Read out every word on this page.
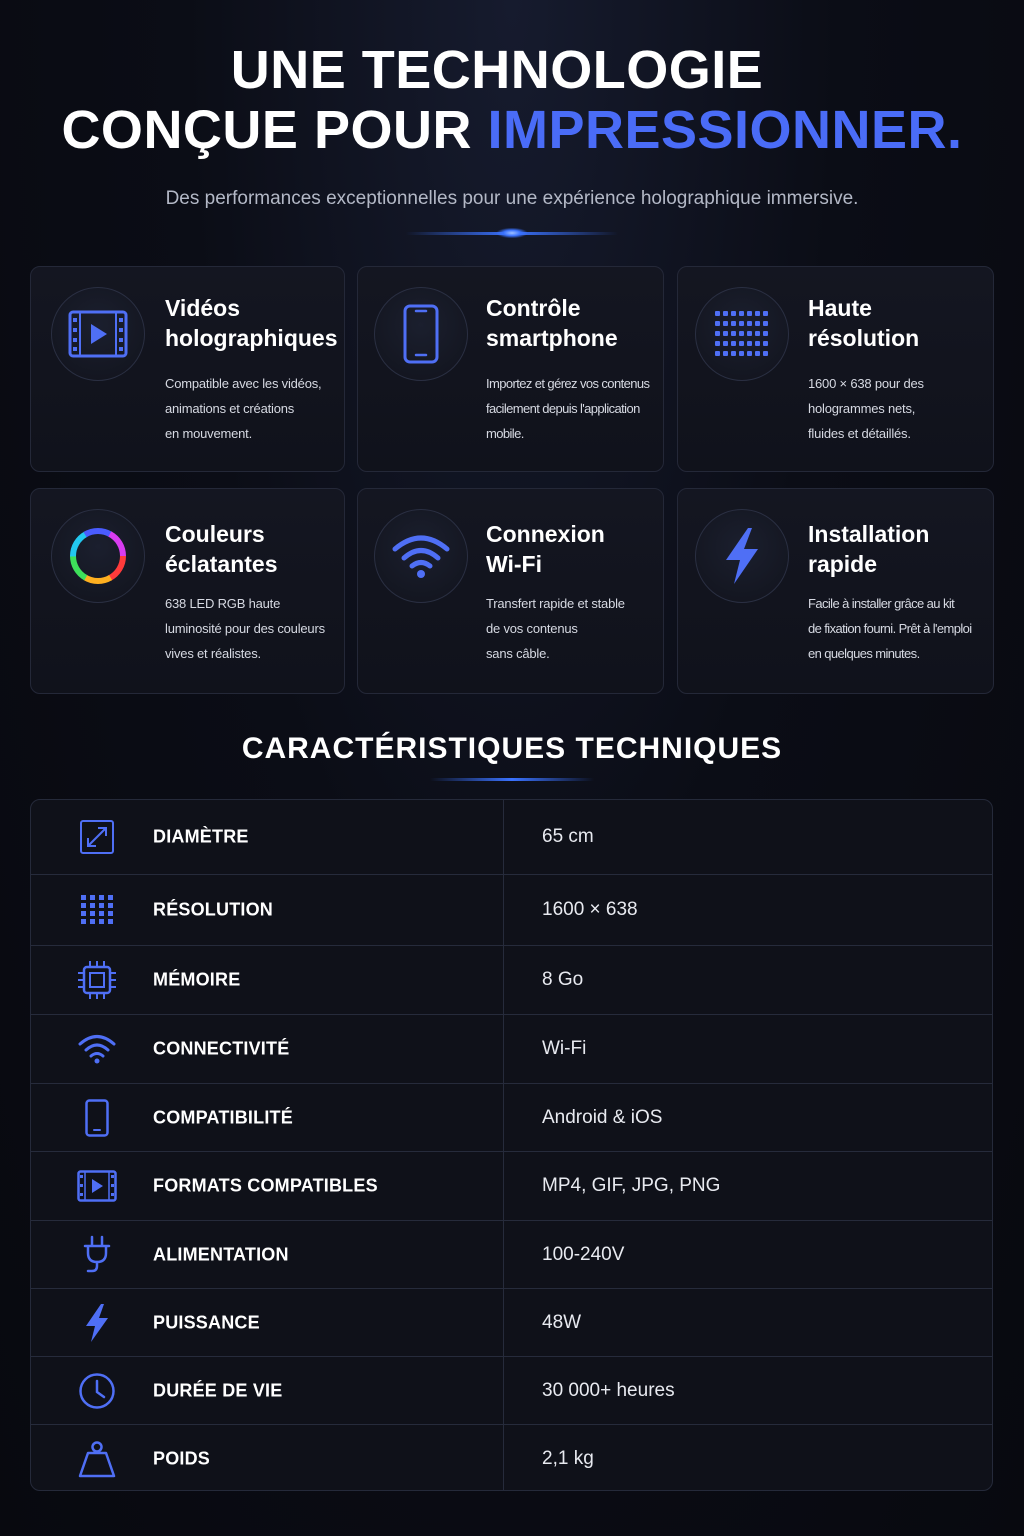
UNE TECHNOLOGIE
CONÇUE POUR IMPRESSIONNER.
Des performances exceptionnelles pour une expérience holographique immersive.
Vidéos
holographiques
Compatible avec les vidéos,
animations et créations
en mouvement.
Contrôle
smartphone
Importez et gérez vos contenus
facilement depuis l'application
mobile.
Haute
résolution
1600 × 638 pour des
hologrammes nets,
fluides et détaillés.
Couleurs
éclatantes
638 LED RGB haute
luminosité pour des couleurs
vives et réalistes.
Connexion
Wi-Fi
Transfert rapide et stable
de vos contenus
sans câble.
Installation
rapide
Facile à installer grâce au kit
de fixation fourni. Prêt à l'emploi
en quelques minutes.
CARACTÉRISTIQUES TECHNIQUES
DIAMÈTRE	65 cm
RÉSOLUTION	1600 × 638
MÉMOIRE	8 Go
CONNECTIVITÉ	Wi-Fi
COMPATIBILITÉ	Android & iOS
FORMATS COMPATIBLES	MP4, GIF, JPG, PNG
ALIMENTATION	100-240V
PUISSANCE	48W
DURÉE DE VIE	30 000+ heures
POIDS	2,1 kg
